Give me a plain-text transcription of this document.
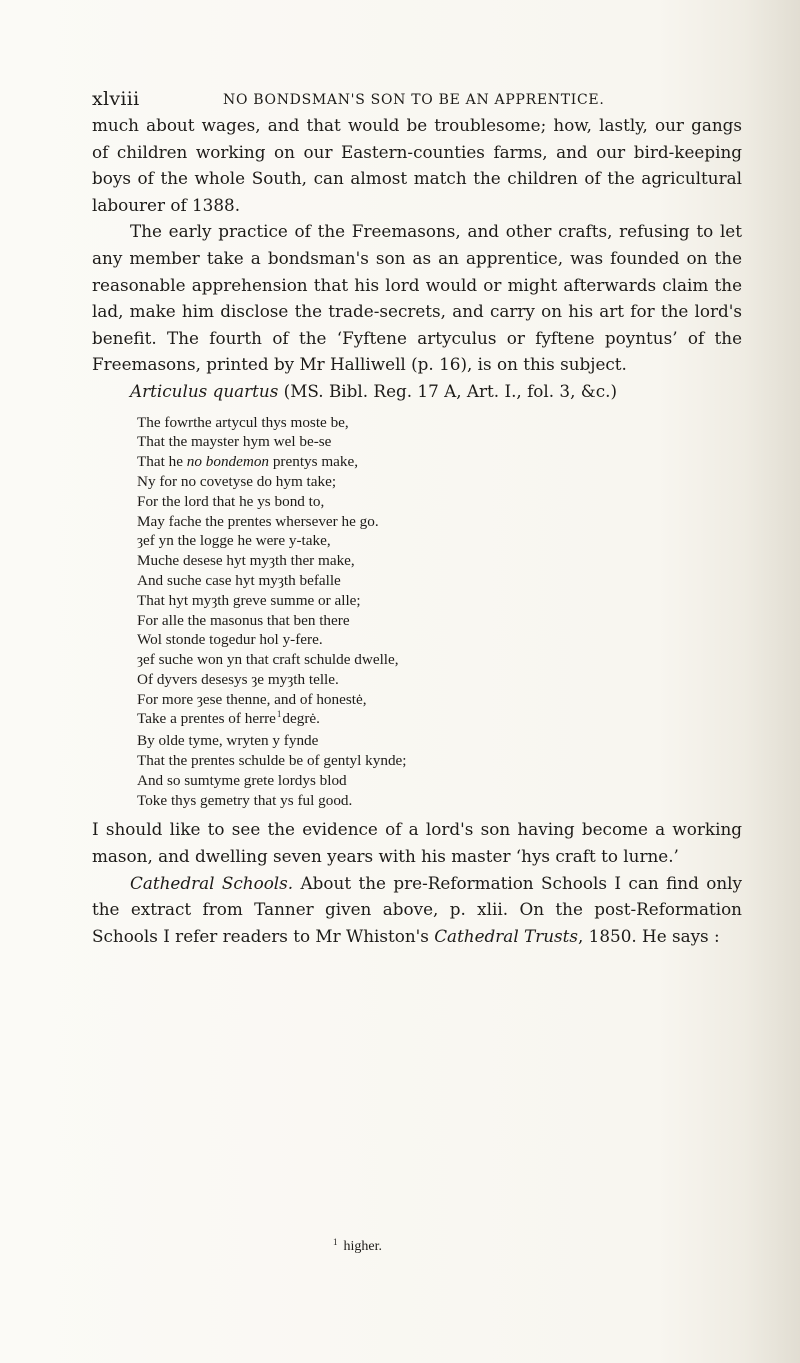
xlviii	NO BONDSMAN'S SON TO BE AN APPRENTICE.

much about wages, and that would be troublesome; how, lastly, our gangs of children working on our Eastern-counties farms, and our bird-keeping boys of the whole South, can almost match the children of the agricultural labourer of 1388.

The early practice of the Freemasons, and other crafts, refusing to let any member take a bondsman's son as an apprentice, was founded on the reasonable apprehension that his lord would or might afterwards claim the lad, make him disclose the trade-secrets, and carry on his art for the lord's benefit. The fourth of the ‘Fyftene artyculus or fyftene poyntus’ of the Freemasons, printed by Mr Halliwell (p. 16), is on this subject.

Articulus quartus (MS. Bibl. Reg. 17 A, Art. I., fol. 3, &c.)

The fowrthe artycul thys moste be,
That the mayster hym wel be-se
That he no bondemon prentys make,
Ny for no covetyse do hym take;
For the lord that he ys bond to,
May fache the prentes whersever he go.
ȝef yn the logge he were y-take,
Muche desese hyt myȝth ther make,
And suche case hyt myȝth befalle
That hyt myȝth greve summe or alle;
For alle the masonus that ben there
Wol stonde togedur hol y-fere.
ȝef suche won yn that craft schulde dwelle,
Of dyvers desesys ȝe myȝth telle.
For more ȝese thenne, and of honestė,
Take a prentes of herre$^1$degrė.
By olde tyme, wryten y fynde
That the prentes schulde be of gentyl kynde;
And so sumtyme grete lordys blod
Toke thys gemetry that ys ful good.

I should like to see the evidence of a lord's son having become a working mason, and dwelling seven years with his master ‘hys craft to lurne.’

Cathedral Schools. About the pre-Reformation Schools I can find only the extract from Tanner given above, p. xlii. On the post-Reformation Schools I refer readers to Mr Whiston's Cathedral Trusts, 1850. He says :

$^1$ higher.
